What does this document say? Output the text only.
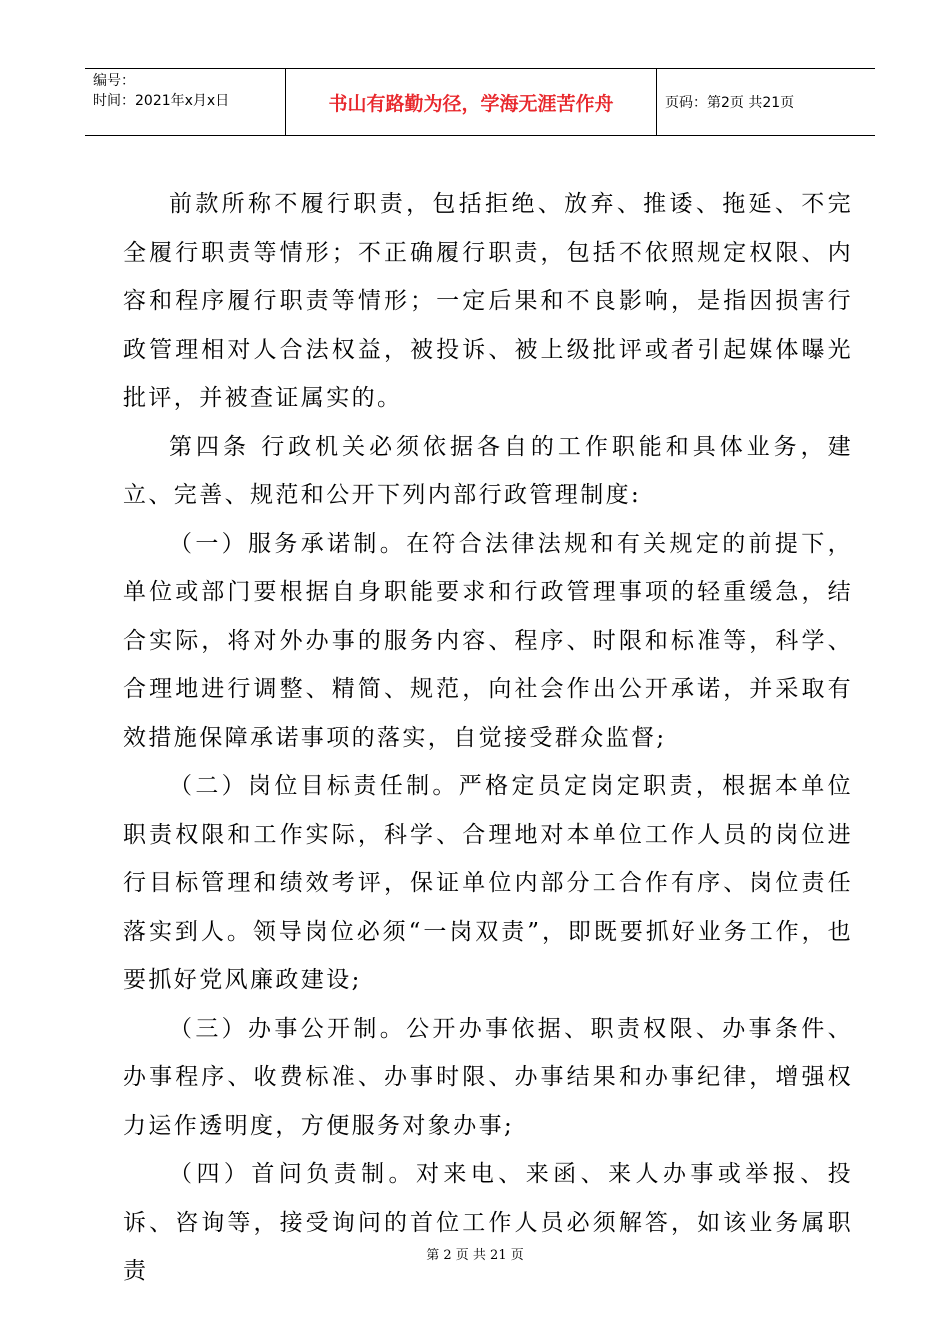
编号：
时间：2021年x月x日	书山有路勤为径，学海无涯苦作舟	页码：第2页 共21页

前款所称不履行职责，包括拒绝、放弃、推诿、拖延、不完全履行职责等情形；不正确履行职责，包括不依照规定权限、内容和程序履行职责等情形；一定后果和不良影响，是指因损害行政管理相对人合法权益，被投诉、被上级批评或者引起媒体曝光批评，并被查证属实的。

第四条 行政机关必须依据各自的工作职能和具体业务，建立、完善、规范和公开下列内部行政管理制度:

（一）服务承诺制。在符合法律法规和有关规定的前提下，单位或部门要根据自身职能要求和行政管理事项的轻重缓急，结合实际，将对外办事的服务内容、程序、时限和标准等，科学、合理地进行调整、精简、规范，向社会作出公开承诺，并采取有效措施保障承诺事项的落实，自觉接受群众监督;

（二）岗位目标责任制。严格定员定岗定职责，根据本单位职责权限和工作实际，科学、合理地对本单位工作人员的岗位进行目标管理和绩效考评，保证单位内部分工合作有序、岗位责任落实到人。领导岗位必须“一岗双责”，即既要抓好业务工作，也要抓好党风廉政建设;

（三）办事公开制。公开办事依据、职责权限、办事条件、办事程序、收费标准、办事时限、办事结果和办事纪律，增强权力运作透明度，方便服务对象办事;

（四）首问负责制。对来电、来函、来人办事或举报、投诉、咨询等，接受询问的首位工作人员必须解答，如该业务属职责

第 2 页 共 21 页
